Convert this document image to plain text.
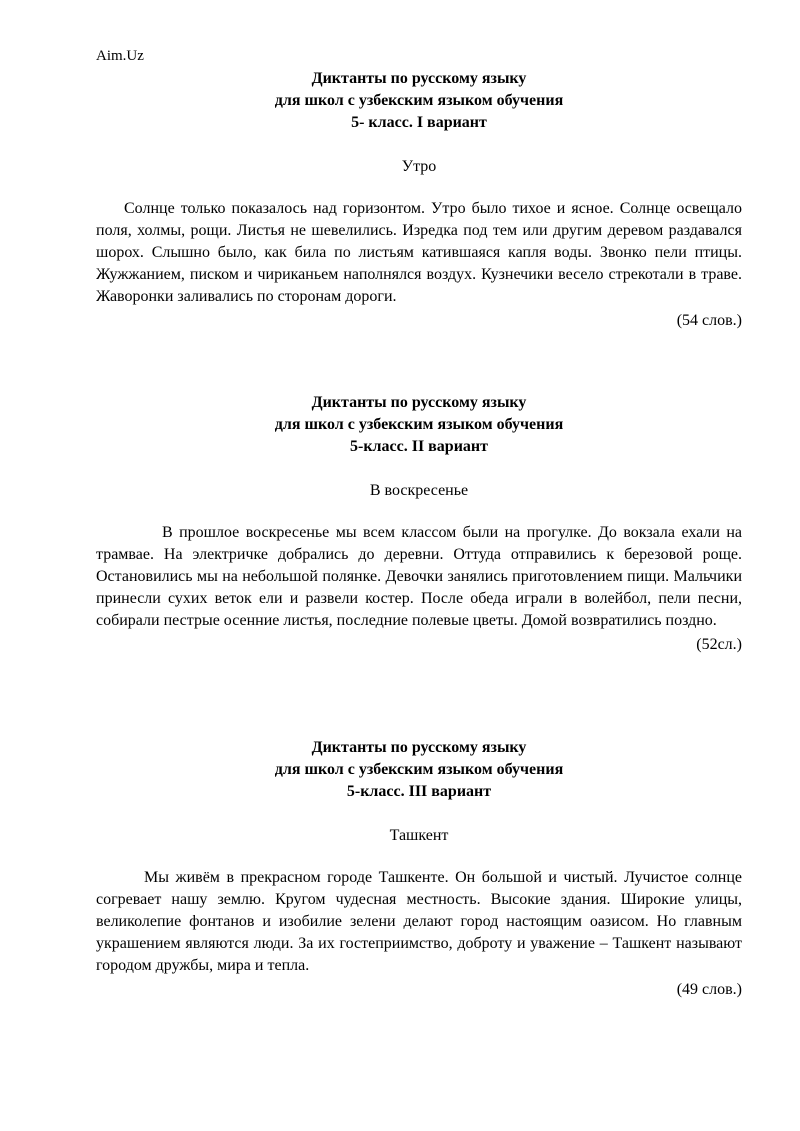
Aim.Uz
Диктанты по русскому языку
для школ с узбекским языком обучения
5- класс. I вариант
Утро
Солнце только показалось над горизонтом. Утро было тихое и ясное. Солнце освещало поля, холмы, рощи. Листья не шевелились. Изредка под тем или другим деревом раздавался шорох. Слышно было, как била по листьям катившаяся капля воды. Звонко пели птицы. Жужжанием, писком и чириканьем наполнялся воздух. Кузнечики весело стрекотали в траве. Жаворонки заливались по сторонам дороги.
(54 слов.)
Диктанты по русскому языку
для школ с узбекским языком обучения
5-класс. II вариант
В воскресенье
В прошлое воскресенье мы всем классом были на прогулке. До вокзала ехали на трамвае. На электричке добрались до деревни. Оттуда отправились к березовой роще. Остановились мы на небольшой полянке. Девочки занялись приготовлением пищи. Мальчики принесли сухих веток ели и развели костер. После обеда играли в волейбол, пели песни, собирали пестрые осенние листья, последние полевые цветы. Домой возвратились поздно.
(52сл.)
Диктанты по русскому языку
для школ с узбекским языком обучения
5-класс. III вариант
Ташкент
Мы живём в прекрасном городе Ташкенте. Он большой и чистый. Лучистое солнце согревает нашу землю. Кругом чудесная местность. Высокие здания. Широкие улицы, великолепие фонтанов и изобилие зелени делают город настоящим оазисом. Но главным украшением являются люди. За их гостеприимство, доброту и уважение – Ташкент называют городом дружбы, мира и тепла.
(49 слов.)
